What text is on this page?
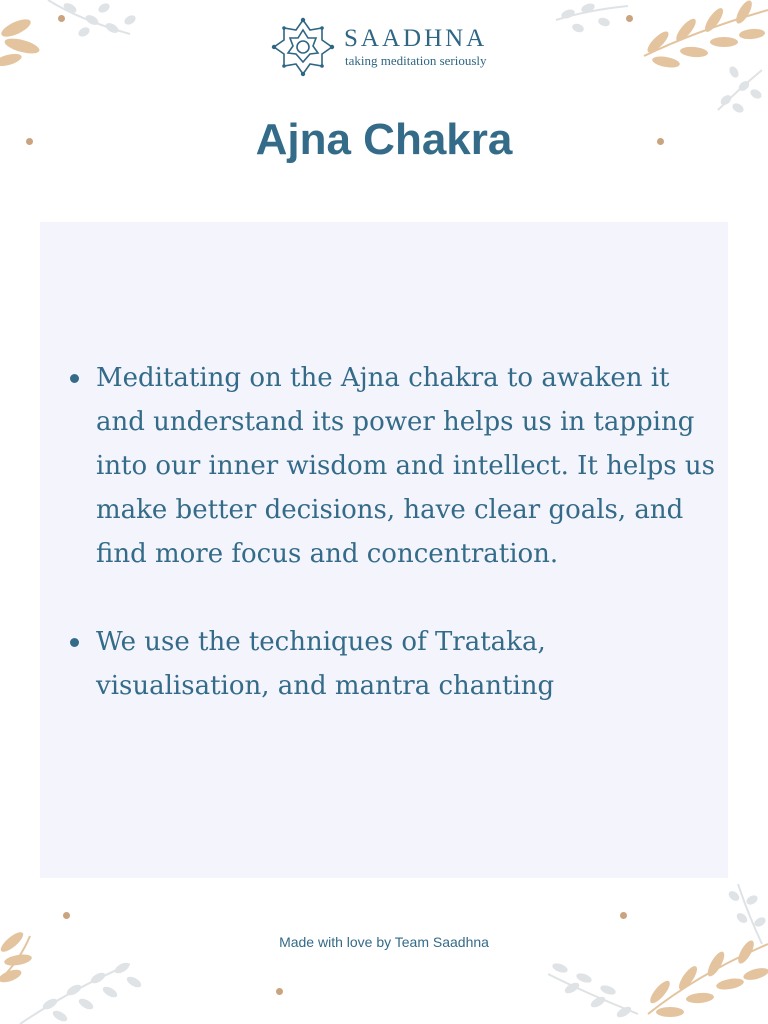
SAADHNA
taking meditation seriously
Ajna Chakra
Meditating on the Ajna chakra to awaken it and understand its power helps us in tapping into our inner wisdom and intellect. It helps us make better decisions, have clear goals, and find more focus and concentration.
We use the techniques of Trataka, visualisation, and mantra chanting
Made with love by Team Saadhna
